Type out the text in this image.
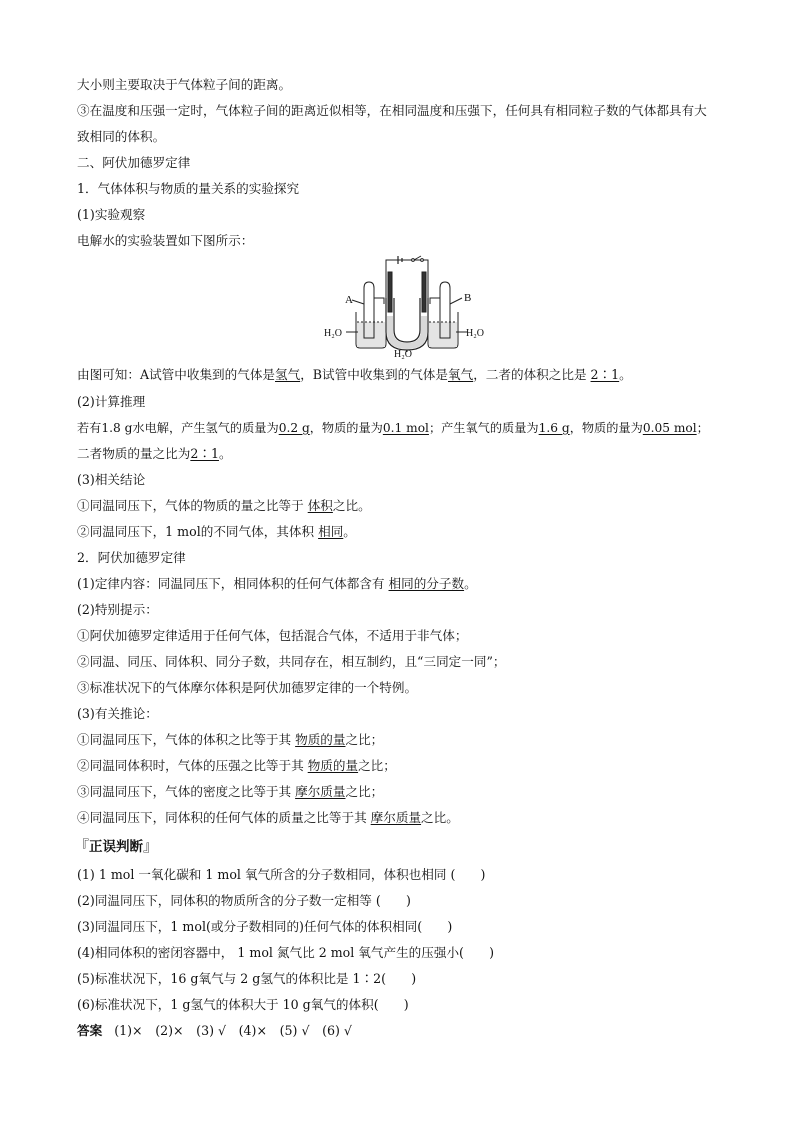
大小则主要取决于气体粒子间的距离。
③在温度和压强一定时，气体粒子间的距离近似相等，在相同温度和压强下，任何具有相同粒子数的气体都具有大
致相同的体积。
二、阿伏加德罗定律
1．气体体积与物质的量关系的实验探究
(1)实验观察
电解水的实验装置如下图所示：
A	B
H₂O	H₂O
H₂O
由图可知：A试管中收集到的气体是氢气，B试管中收集到的气体是氧气，二者的体积之比是 2∶1。
(2)计算推理
若有1.8 g水电解，产生氢气的质量为0.2 g，物质的量为0.1 mol；产生氧气的质量为1.6 g，物质的量为0.05 mol；
二者物质的量之比为2∶1。
(3)相关结论
①同温同压下，气体的物质的量之比等于 体积之比。
②同温同压下，1 mol的不同气体，其体积 相同。
2．阿伏加德罗定律
(1)定律内容：同温同压下，相同体积的任何气体都含有 相同的分子数。
(2)特别提示：
①阿伏加德罗定律适用于任何气体，包括混合气体，不适用于非气体；
②同温、同压、同体积、同分子数，共同存在，相互制约，且“三同定一同”；
③标准状况下的气体摩尔体积是阿伏加德罗定律的一个特例。
(3)有关推论：
①同温同压下，气体的体积之比等于其 物质的量之比；
②同温同体积时，气体的压强之比等于其 物质的量之比；
③同温同压下，气体的密度之比等于其 摩尔质量之比；
④同温同压下，同体积的任何气体的质量之比等于其 摩尔质量之比。
『正误判断』
(1) 1 mol 一氧化碳和 1 mol 氧气所含的分子数相同，体积也相同 (　　)
(2)同温同压下，同体积的物质所含的分子数一定相等 (　　)
(3)同温同压下，1 mol(或分子数相同的)任何气体的体积相同(　　)
(4)相同体积的密闭容器中， 1 mol 氮气比 2 mol 氧气产生的压强小(　　)
(5)标准状况下，16 g氧气与 2 g氢气的体积比是 1∶2(　　)
(6)标准状况下，1 g氢气的体积大于 10 g氧气的体积(　　)
答案 (1)×　(2)×　(3) √　(4)×　(5) √　(6) √
